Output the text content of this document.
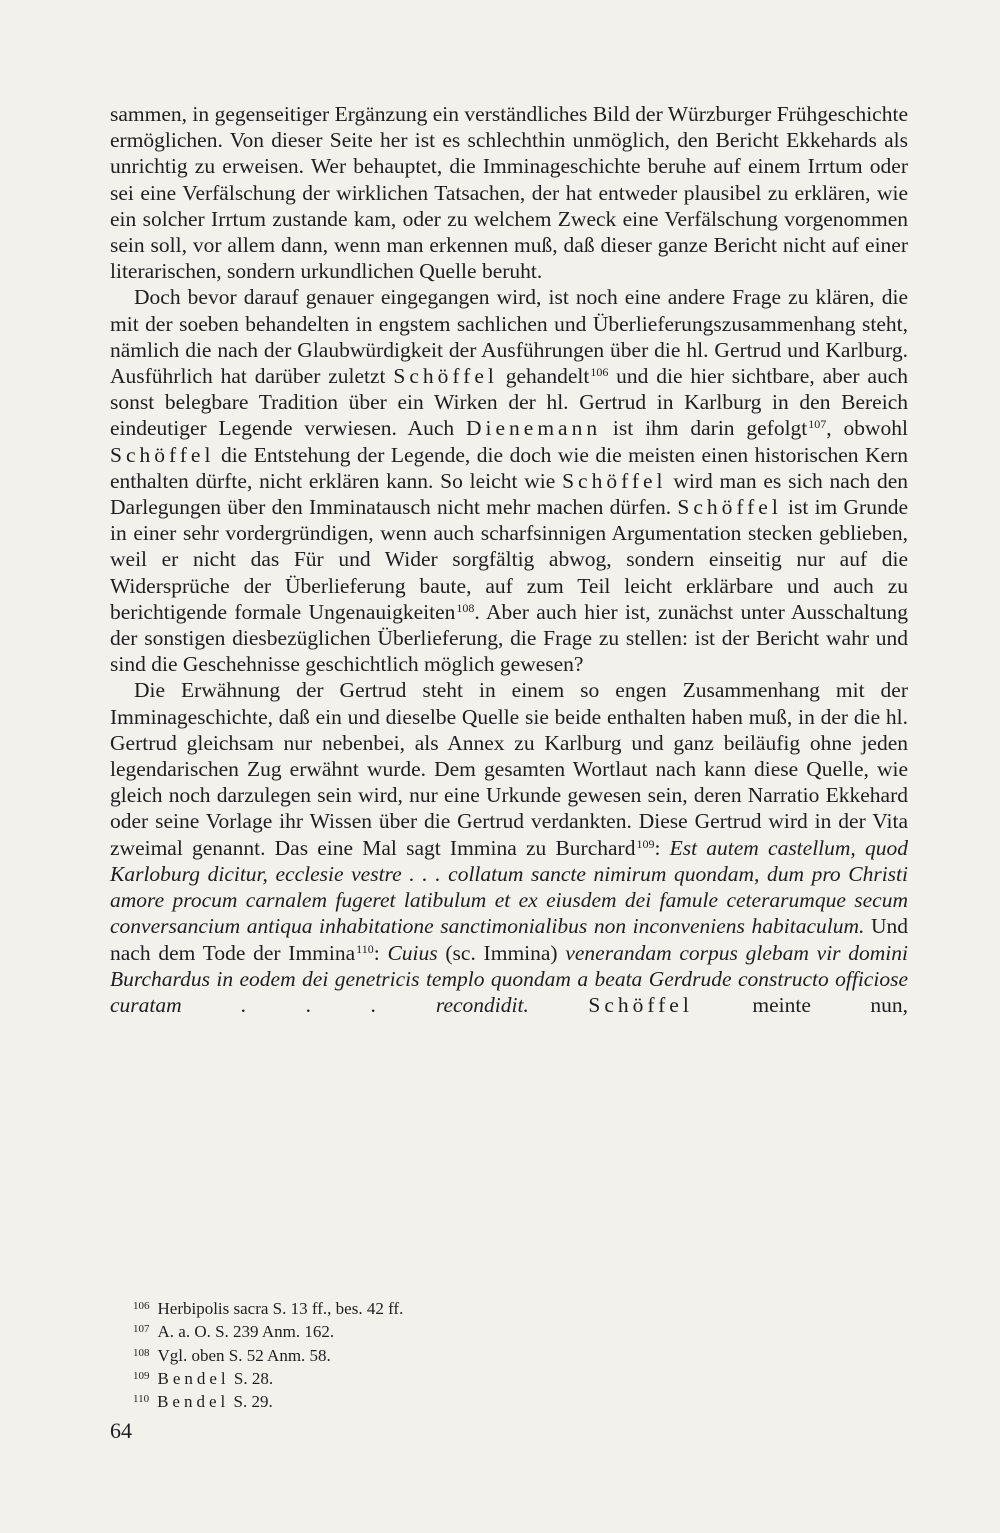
sammen, in gegenseitiger Ergänzung ein verständliches Bild der Würzburger Frühgeschichte ermöglichen. Von dieser Seite her ist es schlechthin unmöglich, den Bericht Ekkehards als unrichtig zu erweisen. Wer behauptet, die Imminageschichte beruhe auf einem Irrtum oder sei eine Verfälschung der wirklichen Tatsachen, der hat entweder plausibel zu erklären, wie ein solcher Irrtum zustande kam, oder zu welchem Zweck eine Verfälschung vorgenommen sein soll, vor allem dann, wenn man erkennen muß, daß dieser ganze Bericht nicht auf einer literarischen, sondern urkundlichen Quelle beruht.

Doch bevor darauf genauer eingegangen wird, ist noch eine andere Frage zu klären, die mit der soeben behandelten in engstem sachlichen und Überlieferungszusammenhang steht, nämlich die nach der Glaubwürdigkeit der Ausführungen über die hl. Gertrud und Karlburg. Ausführlich hat darüber zuletzt Schöffel gehandelt$^{106}$ und die hier sichtbare, aber auch sonst belegbare Tradition über ein Wirken der hl. Gertrud in Karlburg in den Bereich eindeutiger Legende verwiesen. Auch Dienemann ist ihm darin gefolgt$^{107}$, obwohl Schöffel die Entstehung der Legende, die doch wie die meisten einen historischen Kern enthalten dürfte, nicht erklären kann. So leicht wie Schöffel wird man es sich nach den Darlegungen über den Imminatausch nicht mehr machen dürfen. Schöffel ist im Grunde in einer sehr vordergründigen, wenn auch scharfsinnigen Argumentation stecken geblieben, weil er nicht das Für und Wider sorgfältig abwog, sondern einseitig nur auf die Widersprüche der Überlieferung baute, auf zum Teil leicht erklärbare und auch zu berichtigende formale Ungenauigkeiten$^{108}$. Aber auch hier ist, zunächst unter Ausschaltung der sonstigen diesbezüglichen Überlieferung, die Frage zu stellen: ist der Bericht wahr und sind die Geschehnisse geschichtlich möglich gewesen?

Die Erwähnung der Gertrud steht in einem so engen Zusammenhang mit der Imminageschichte, daß ein und dieselbe Quelle sie beide enthalten haben muß, in der die hl. Gertrud gleichsam nur nebenbei, als Annex zu Karlburg und ganz beiläufig ohne jeden legendarischen Zug erwähnt wurde. Dem gesamten Wortlaut nach kann diese Quelle, wie gleich noch darzulegen sein wird, nur eine Urkunde gewesen sein, deren Narratio Ekkehard oder seine Vorlage ihr Wissen über die Gertrud verdankten. Diese Gertrud wird in der Vita zweimal genannt. Das eine Mal sagt Immina zu Burchard$^{109}$: Est autem castellum, quod Karloburg dicitur, ecclesie vestre . . . collatum sancte nimirum quondam, dum pro Christi amore procum carnalem fugeret latibulum et ex eiusdem dei famule ceterarumque secum conversancium antiqua inhabitatione sanctimonialibus non inconveniens habitaculum. Und nach dem Tode der Immina$^{110}$: Cuius (sc. Immina) venerandam corpus glebam vir domini Burchardus in eodem dei genetricis templo quondam a beata Gerdrude constructo officiose curatam . . . recondidit.	Schöffel meinte nun,

$^{106}$ Herbipolis sacra S. 13 ff., bes. 42 ff.
$^{107}$ A. a. O. S. 239 Anm. 162.
$^{108}$ Vgl. oben S. 52 Anm. 58.
$^{109}$ Bendel S. 28.
$^{110}$ Bendel S. 29.
64
